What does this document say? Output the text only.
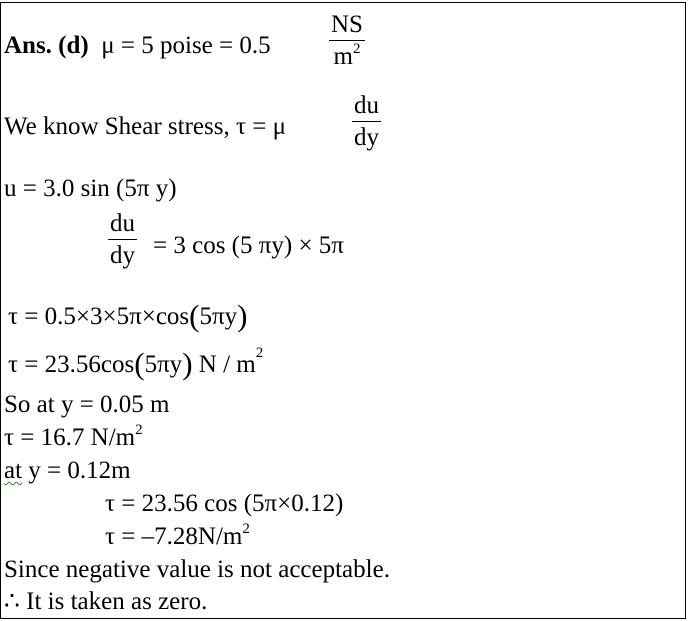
Ans. (d) μ = 5 poise = 0.5
NS
$m^2$
We know Shear stress, τ = μ
du
dy
u = 3.0 sin (5π y)
du
dy = 3 cos (5 πy) × 5π
τ = 0.5×3×5π×cos(5πy)
τ = 23.56cos(5πy) N / $m^2$
So at y = 0.05 m
τ = 16.7 $N/m^2$
at y = 0.12m
τ = 23.56 cos (5π×0.12)
$\tau = -7.28N/m^2$
Since negative value is not acceptable.
∴ It is taken as zero.
